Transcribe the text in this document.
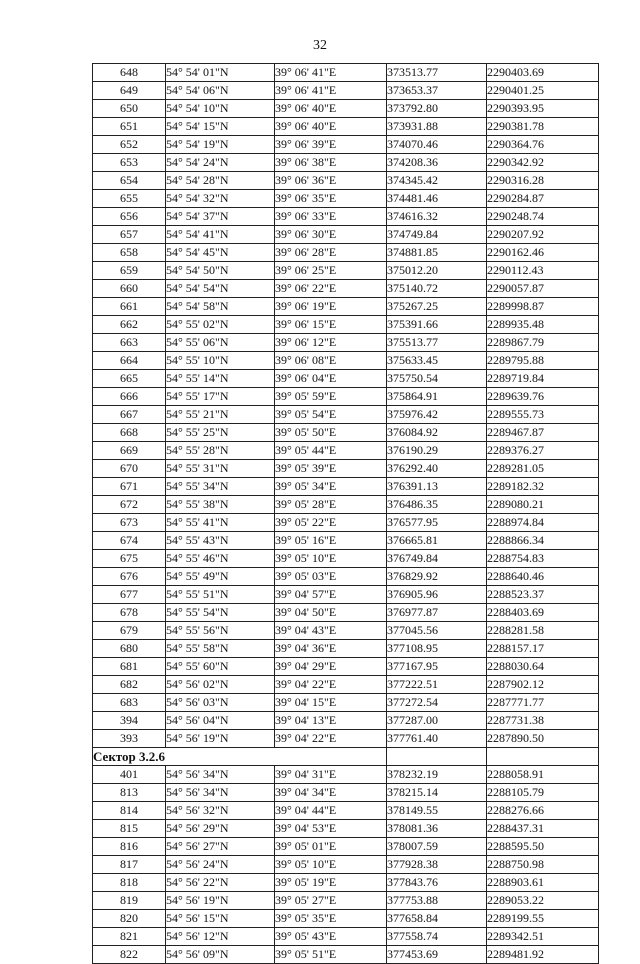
32
648	54° 54' 01"N	39° 06' 41"E	373513.77	2290403.69
649	54° 54' 06"N	39° 06' 41"E	373653.37	2290401.25
650	54° 54' 10"N	39° 06' 40"E	373792.80	2290393.95
651	54° 54' 15"N	39° 06' 40"E	373931.88	2290381.78
652	54° 54' 19"N	39° 06' 39"E	374070.46	2290364.76
653	54° 54' 24"N	39° 06' 38"E	374208.36	2290342.92
654	54° 54' 28"N	39° 06' 36"E	374345.42	2290316.28
655	54° 54' 32"N	39° 06' 35"E	374481.46	2290284.87
656	54° 54' 37"N	39° 06' 33"E	374616.32	2290248.74
657	54° 54' 41"N	39° 06' 30"E	374749.84	2290207.92
658	54° 54' 45"N	39° 06' 28"E	374881.85	2290162.46
659	54° 54' 50"N	39° 06' 25"E	375012.20	2290112.43
660	54° 54' 54"N	39° 06' 22"E	375140.72	2290057.87
661	54° 54' 58"N	39° 06' 19"E	375267.25	2289998.87
662	54° 55' 02"N	39° 06' 15"E	375391.66	2289935.48
663	54° 55' 06"N	39° 06' 12"E	375513.77	2289867.79
664	54° 55' 10"N	39° 06' 08"E	375633.45	2289795.88
665	54° 55' 14"N	39° 06' 04"E	375750.54	2289719.84
666	54° 55' 17"N	39° 05' 59"E	375864.91	2289639.76
667	54° 55' 21"N	39° 05' 54"E	375976.42	2289555.73
668	54° 55' 25"N	39° 05' 50"E	376084.92	2289467.87
669	54° 55' 28"N	39° 05' 44"E	376190.29	2289376.27
670	54° 55' 31"N	39° 05' 39"E	376292.40	2289281.05
671	54° 55' 34"N	39° 05' 34"E	376391.13	2289182.32
672	54° 55' 38"N	39° 05' 28"E	376486.35	2289080.21
673	54° 55' 41"N	39° 05' 22"E	376577.95	2288974.84
674	54° 55' 43"N	39° 05' 16"E	376665.81	2288866.34
675	54° 55' 46"N	39° 05' 10"E	376749.84	2288754.83
676	54° 55' 49"N	39° 05' 03"E	376829.92	2288640.46
677	54° 55' 51"N	39° 04' 57"E	376905.96	2288523.37
678	54° 55' 54"N	39° 04' 50"E	376977.87	2288403.69
679	54° 55' 56"N	39° 04' 43"E	377045.56	2288281.58
680	54° 55' 58"N	39° 04' 36"E	377108.95	2288157.17
681	54° 55' 60"N	39° 04' 29"E	377167.95	2288030.64
682	54° 56' 02"N	39° 04' 22"E	377222.51	2287902.12
683	54° 56' 03"N	39° 04' 15"E	377272.54	2287771.77
394	54° 56' 04"N	39° 04' 13"E	377287.00	2287731.38
393	54° 56' 19"N	39° 04' 22"E	377761.40	2287890.50
Сектор 3.2.6				
401	54° 56' 34"N	39° 04' 31"E	378232.19	2288058.91
813	54° 56' 34"N	39° 04' 34"E	378215.14	2288105.79
814	54° 56' 32"N	39° 04' 44"E	378149.55	2288276.66
815	54° 56' 29"N	39° 04' 53"E	378081.36	2288437.31
816	54° 56' 27"N	39° 05' 01"E	378007.59	2288595.50
817	54° 56' 24"N	39° 05' 10"E	377928.38	2288750.98
818	54° 56' 22"N	39° 05' 19"E	377843.76	2288903.61
819	54° 56' 19"N	39° 05' 27"E	377753.88	2289053.22
820	54° 56' 15"N	39° 05' 35"E	377658.84	2289199.55
821	54° 56' 12"N	39° 05' 43"E	377558.74	2289342.51
822	54° 56' 09"N	39° 05' 51"E	377453.69	2289481.92
